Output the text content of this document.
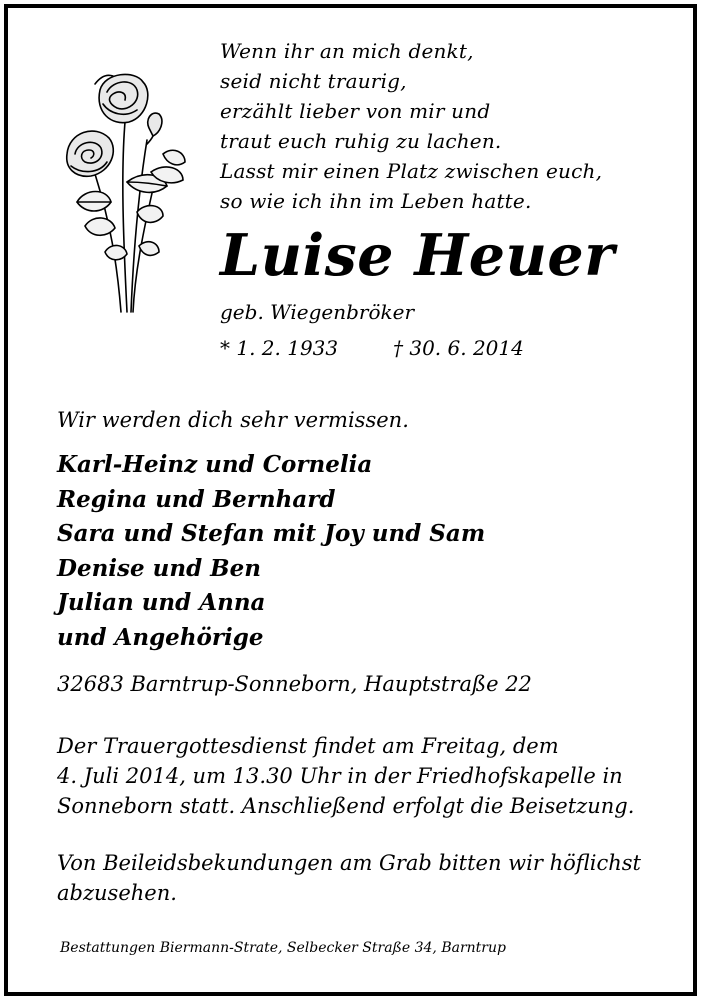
Wenn ihr an mich denkt,
seid nicht traurig,
erzählt lieber von mir und
traut euch ruhig zu lachen.
Lasst mir einen Platz zwischen euch,
so wie ich ihn im Leben hatte.
Luise Heuer
geb. Wiegenbröker
* 1. 2. 1933	† 30. 6. 2014
Wir werden dich sehr vermissen.
Karl-Heinz und Cornelia
Regina und Bernhard
Sara und Stefan mit Joy und Sam
Denise und Ben
Julian und Anna
und Angehörige
32683 Barntrup-Sonneborn, Hauptstraße 22
Der Trauergottesdienst findet am Freitag, dem
4. Juli 2014, um 13.30 Uhr in der Friedhofskapelle in
Sonneborn statt. Anschließend erfolgt die Beisetzung.
Von Beileidsbekundungen am Grab bitten wir höflichst
abzusehen.
Bestattungen Biermann-Strate, Selbecker Straße 34, Barntrup
